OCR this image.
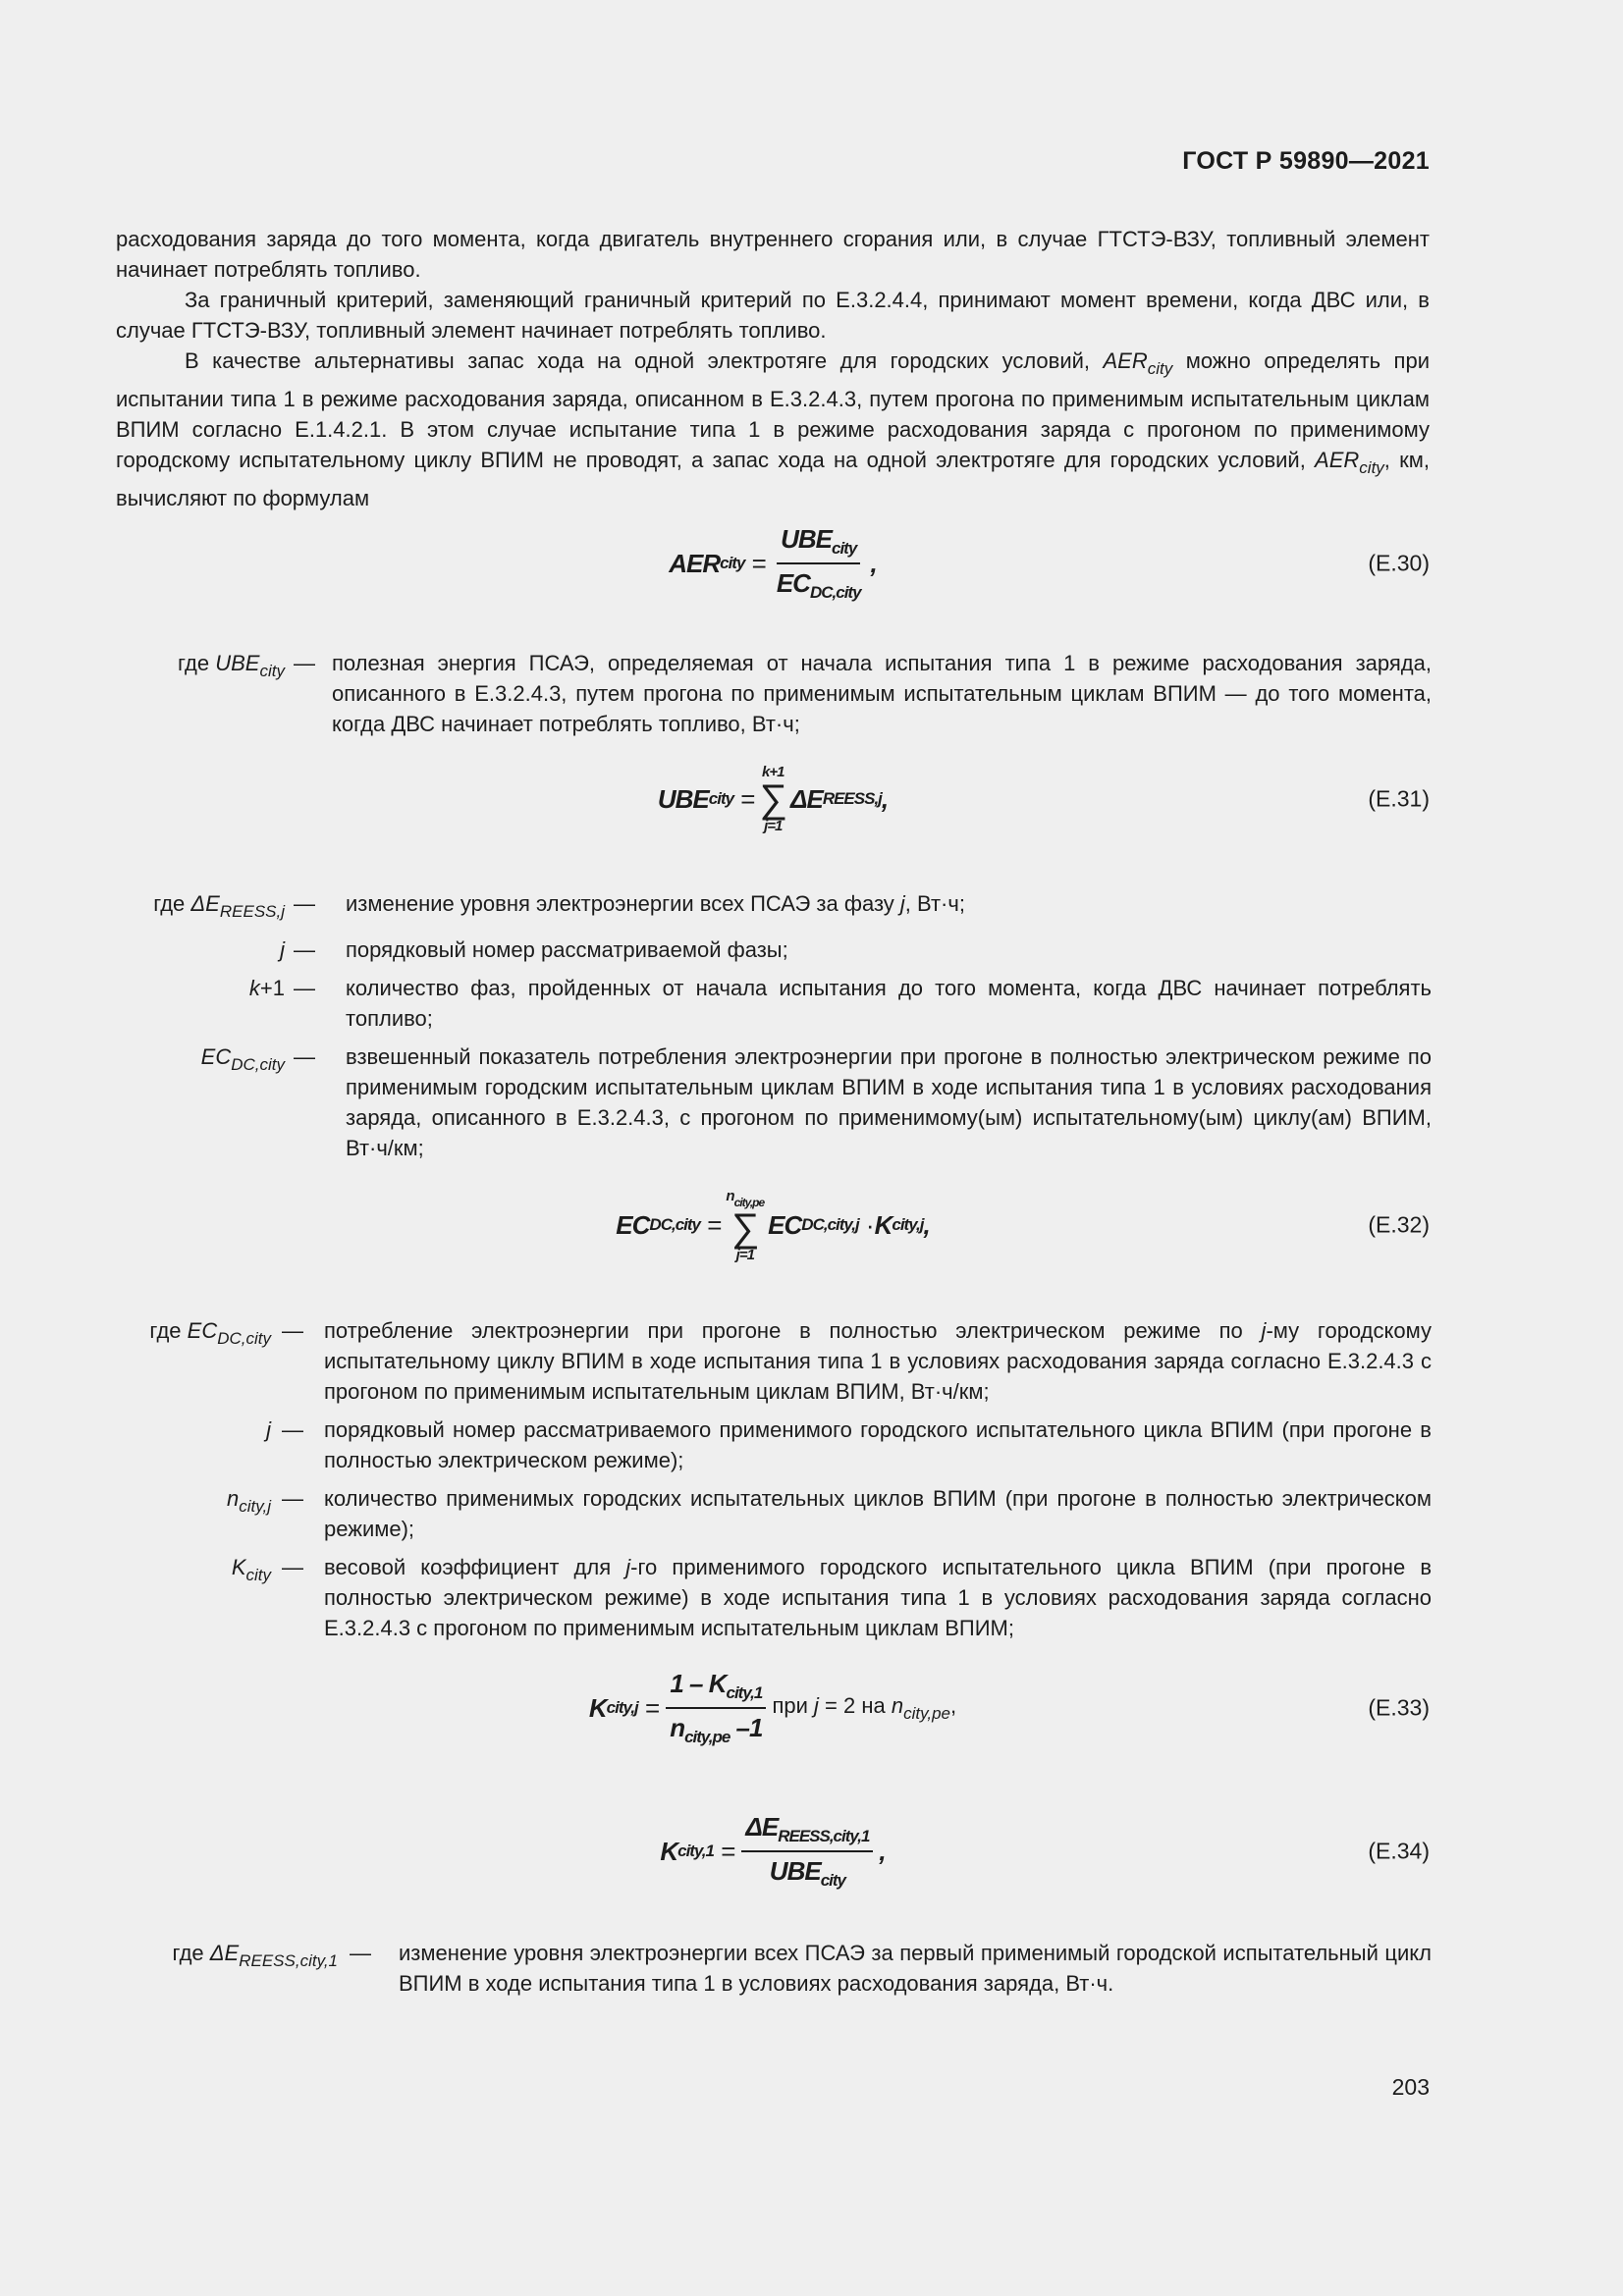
ГОСТ Р 59890—2021

расходования заряда до того момента, когда двигатель внутреннего сгорания или, в случае ГТСТЭ-ВЗУ, топливный элемент начинает потреблять топливо.

За граничный критерий, заменяющий граничный критерий по Е.3.2.4.4, принимают момент времени, когда ДВС или, в случае ГТСТЭ-ВЗУ, топливный элемент начинает потреблять топливо.

В качестве альтернативы запас хода на одной электротяге для городских условий, $AER_{city}$ можно определять при испытании типа 1 в режиме расходования заряда, описанном в Е.3.2.4.3, путем прогона по применимым испытательным циклам ВПИМ согласно Е.1.4.2.1. В этом случае испытание типа 1 в режиме расходования заряда с прогоном по применимому городскому испытательному циклу ВПИМ не проводят, а запас хода на одной электротяге для городских условий, $AER_{city}$, км, вычисляют по формулам

AER city = $\frac{UBE_{city}}{EC_{DC,city}}$ ,	(Е.30)
где $UBE_{city}$ — полезная энергия ПСАЭ, определяемая от начала испытания типа 1 в режиме расходования заряда, описанного в Е.3.2.4.3, путем прогона по применимым испытательным циклам ВПИМ — до того момента, когда ДВС начинает потреблять топливо, Вт·ч;
UBE city =
k+1
∑
j=1
ΔE REESS,j ,	(Е.31)
где $\Delta E_{REESS,j}$ —	изменение уровня электроэнергии всех ПСАЭ за фазу j, Вт·ч;
j —	порядковый номер рассматриваемой фазы;
k+1 —	количество фаз, пройденных от начала испытания до того момента, когда ДВС начинает потреблять топливо;
$EC_{DC,city}$ —	взвешенный показатель потребления электроэнергии при прогоне в полностью электрическом режиме по применимым городским испытательным циклам ВПИМ в ходе испытания типа 1 в условиях расходования заряда, описанного в Е.3.2.4.3, с прогоном по применимому(ым) испытательному(ым) циклу(ам) ВПИМ, Вт·ч/км;
EC DC,city =
$n_{city,pe}$
∑
j=1
EC DC,city,j · K city,j ,	(Е.32)
где $EC_{DC,city}$ — потребление электроэнергии при прогоне в полностью электрическом режиме по j-му городскому испытательному циклу ВПИМ в ходе испытания типа 1 в условиях расходования заряда согласно Е.3.2.4.3 с прогоном по применимым испытательным циклам ВПИМ, Вт·ч/км;
j — порядковый номер рассматриваемого применимого городского испытательного цикла ВПИМ (при прогоне в полностью электрическом режиме);
$n_{city,j}$ — количество применимых городских испытательных циклов ВПИМ (при прогоне в полностью электрическом режиме);
$K_{city}$ — весовой коэффициент для j-го применимого городского испытательного цикла ВПИМ (при прогоне в полностью электрическом режиме) в ходе испытания типа 1 в условиях расходования заряда согласно Е.3.2.4.3 с прогоном по применимым испытательным циклам ВПИМ;
K city,j = $\frac{1 - K_{city,1}}{n_{city,pe} -1}$ при j = 2 на $n_{city,pe}$,	(Е.33)
K city,1 = $\frac{\Delta E_{REESS,city,1}}{UBE_{city}}$ ,	(Е.34)
где $\Delta E_{REESS,city,1}$ —	изменение уровня электроэнергии всех ПСАЭ за первый применимый городской испытательный цикл ВПИМ в ходе испытания типа 1 в условиях расходования заряда, Вт·ч.
203
